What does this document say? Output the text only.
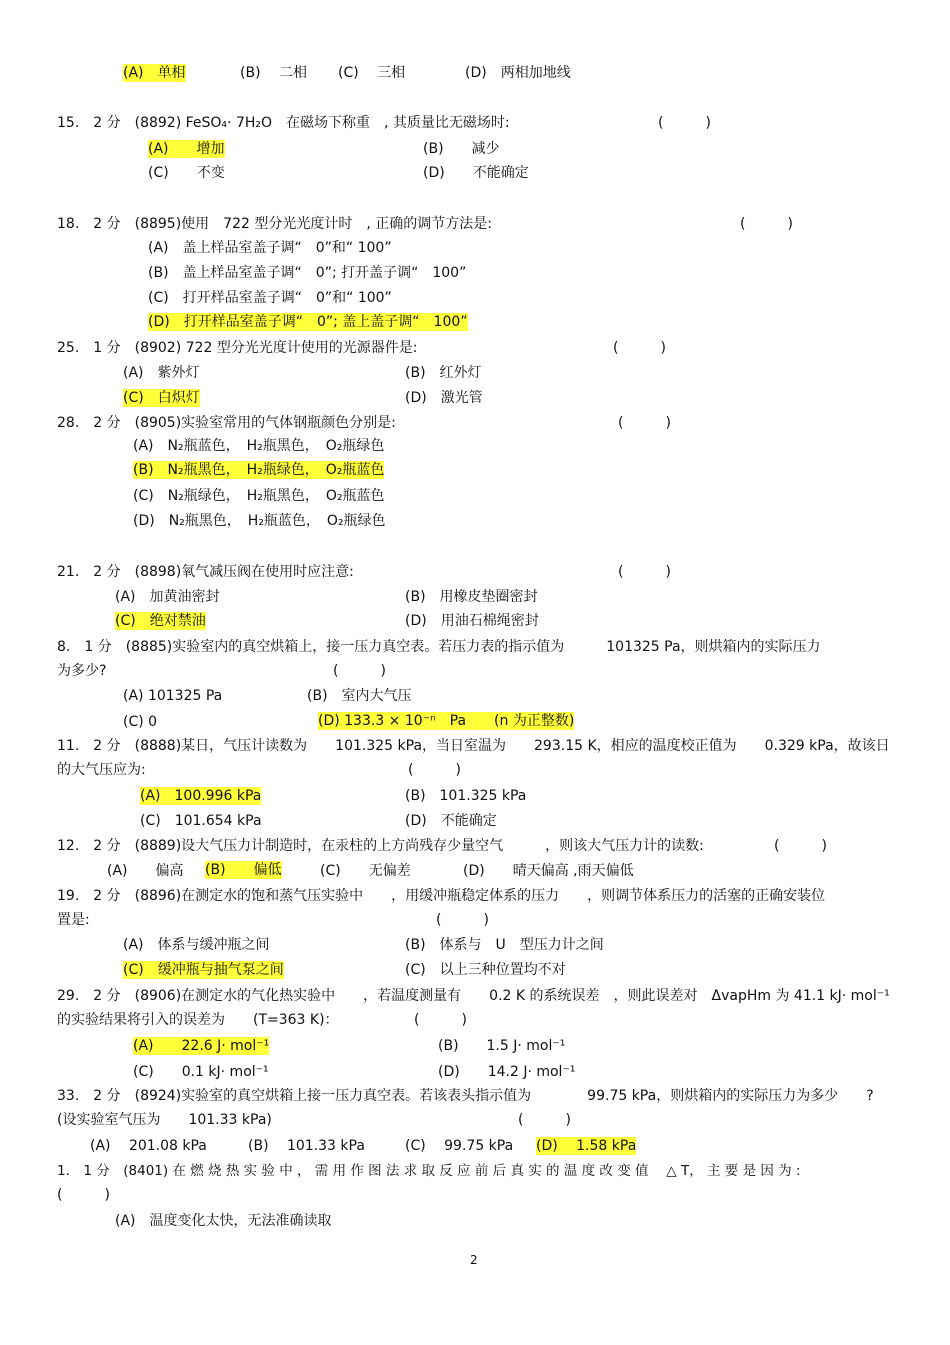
(A)　单相	(B)　 二相 (C)　 三相	(D)　两相加地线
15.　2 分　(8892) FeSO₄· 7H₂O　在磁场下称重　, 其质量比无磁场时:	(　　　)
(A)　　增加	(B)　　减少
(C)　　不变	(D)　　不能确定
18.　2 分　(8895)使用　722 型分光光度计时　, 正确的调节方法是:	(　　　)
(A)　盖上样品室盖子调“　0”和“ 100”
(B)　盖上样品室盖子调“　0”; 打开盖子调“　100”
(C)　打开样品室盖子调“　0”和“ 100”
(D)　打开样品室盖子调“　0”; 盖上盖子调“　100”
25.　1 分　(8902) 722 型分光光度计使用的光源器件是:	(　　　)
(A)　紫外灯	(B)　红外灯
(C)　白炽灯	(D)　激光管
28.　2 分　(8905)实验室常用的气体钢瓶颜色分别是:	(　　　)
(A)　N₂瓶蓝色，　H₂瓶黑色，　O₂瓶绿色
(B)　N₂瓶黑色，　H₂瓶绿色，　O₂瓶蓝色
(C)　N₂瓶绿色，　H₂瓶黑色，　O₂瓶蓝色
(D)　N₂瓶黑色，　H₂瓶蓝色，　O₂瓶绿色
21.　2 分　(8898)氧气减压阀在使用时应注意:	(　　　)
(A)　加黄油密封	(B)　用橡皮垫圈密封
(C)　绝对禁油	(D)　用油石棉绳密封
8.　1 分　(8885)实验室内的真空烘箱上，接一压力真空表。若压力表的指示值为　　　101325 Pa，则烘箱内的实际压力
为多少?	(　　　)
(A) 101325 Pa	(B)　室内大气压
(C) 0	(D) 133.3 × 10⁻ⁿ　Pa　　(n 为正整数)
11.　2 分　(8888)某日，气压计读数为　　101.325 kPa，当日室温为　　293.15 K，相应的温度校正值为　　0.329 kPa，故该日
的大气压应为:	(　　　)
(A)　100.996 kPa	(B)　101.325 kPa
(C)　101.654 kPa	(D)　不能确定
12.　2 分　(8889)设大气压力计制造时，在汞柱的上方尚残存少量空气　　　，则该大气压力计的读数:	(　　　)
(A)　　偏高 (B)　　偏低	(C)　　无偏差	(D)　　晴天偏高 ,雨天偏低
19.　2 分　(8896)在测定水的饱和蒸气压实验中　　，用缓冲瓶稳定体系的压力　　，则调节体系压力的活塞的正确安装位
置是:	(　　　)
(A)　体系与缓冲瓶之间	(B)　体系与　U　型压力计之间
(C)　缓冲瓶与抽气泵之间	(C)　以上三种位置均不对
29.　2 分　(8906)在测定水的气化热实验中　　，若温度测量有　　0.2 K 的系统误差　，则此误差对　ΔvapHm 为 41.1 kJ· mol⁻¹
的实验结果将引入的误差为　　(T=363 K)：	(　　　)
(A)　　22.6 J· mol⁻¹	(B)　　1.5 J· mol⁻¹
(C)　　0.1 kJ· mol⁻¹	(D)　　14.2 J· mol⁻¹
33.　2 分　(8924)实验室的真空烘箱上接一压力真空表。若该表头指示值为　　　　99.75 kPa，则烘箱内的实际压力为多少　　?
(设实验室气压为　　101.33 kPa)	(　　　)
(A)　 201.08 kPa	(B)　 101.33 kPa	(C)　 99.75 kPa (D)　 1.58 kPa
1.　1 分　(8401) 在 燃 烧 热 实 验 中 ， 需 用 作 图 法 求 取 反 应 前 后 真 实 的 温 度 改 变 值　 △ T， 主 要 是 因 为 :
(　　　)
(A)　温度变化太快，无法准确读取
2
